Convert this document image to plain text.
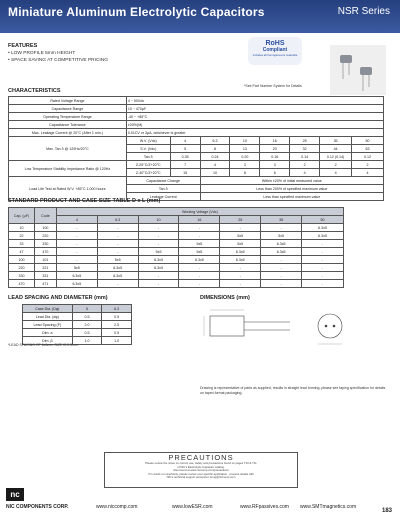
Miniature Aluminum Electrolytic Capacitors	NSR Series
FEATURES
• LOW PROFILE 5mm HEIGHT
• SPACE SAVING AT COMPETITIVE PRICING
RoHS
Compliant
includes all homogeneous materials
*See Part Number System for Details
CHARACTERISTICS
Rated Voltage Range	4 ~ 50Vdc							
Capacitance Range	10 ~ 470µF							
Operating Temperature Range	-40 ~ +85°C							
Capacitance Tolerance	±20%(M)							
Max. Leakage Current @ 20°C (After 1 min.)	0.01CV or 3µA, whichever is greater							
Max. Tan δ @ 120Hz/20°C	W.V. (Vdc)	4	6.3	10	16	25	35	50
	S.V. (Vdc)	5	8	13	20	32	44	63
	Tan δ	0.35	0.24	0.20	0.16	0.14	0.12 (0.14)	0.12
Low Temperature Stability Impedance Ratio @ 120Hz	Z-25°C/Z+20°C	7	4	3	3	2	2	2
	Z-40°C/Z+20°C	15	10	8	6	4	4	4
Load Life Test at Rated W.V. +85°C 1,000 hours	Capacitance Change		Within ±20% of initial measured value					
	Tan δ		Less than 200% of specified maximum value					
	Leakage Current		Less than specified maximum value					
STANDARD PRODUCT AND CASE SIZE TABLE D x L (mm)
Cap. (µF)	Code	Working Voltage (Vdc)						
		4	6.3	10	16	25	35	50
10	100	-	-	-	-	-	-	6.3x5
22	220	-	-	-	-	5x5	5x5	6.3x5
33	330	-	-	-	5x5	5x5	6.3x5	-
47	470	-	-	5x5	5x5	6.3x5	6.3x5	-
100	101	-	5x5	6.3x5	6.3x5	6.3x5	-	-
220	221	5x5	6.3x5	6.3x5	-	-	-	-
330	331	6.3x5	6.3x5	-	-	-	-	-
470	471	6.3x5	-	-	-	-	-	-
LEAD SPACING AND DIAMETER (mm)
Case Dia. (Dφ)	5	6.3
Lead Dia. (dφ)	0.5	0.5
Lead Spacing (F)	2.0	2.5
Dim. a	0.5	0.5
Dim. β	1.0	1.0
*LEAD SPACING OF 6x5mm SIZE IS 2.5mm
DIMENSIONS (mm)
Drawing is representative of parts as supplied, results in straight lead forming; please see taping specification for details on taped format packaging.
PRECAUTIONS
Please review the notes on correct use, safety and precautions found on pages T10 & T11
of NIC's Electrolytic Capacitor catalog.
Also found at www.niccomp.com/precautions
If in doubt or uncertainty, please review your specific application - process details with
NIC's technical support personnel: tpmg@niccomp.com
nc
NIC COMPONENTS CORP.	www.niccomp.com	www.lowESR.com	www.RFpassives.com www.SMTmagnetics.com
183
